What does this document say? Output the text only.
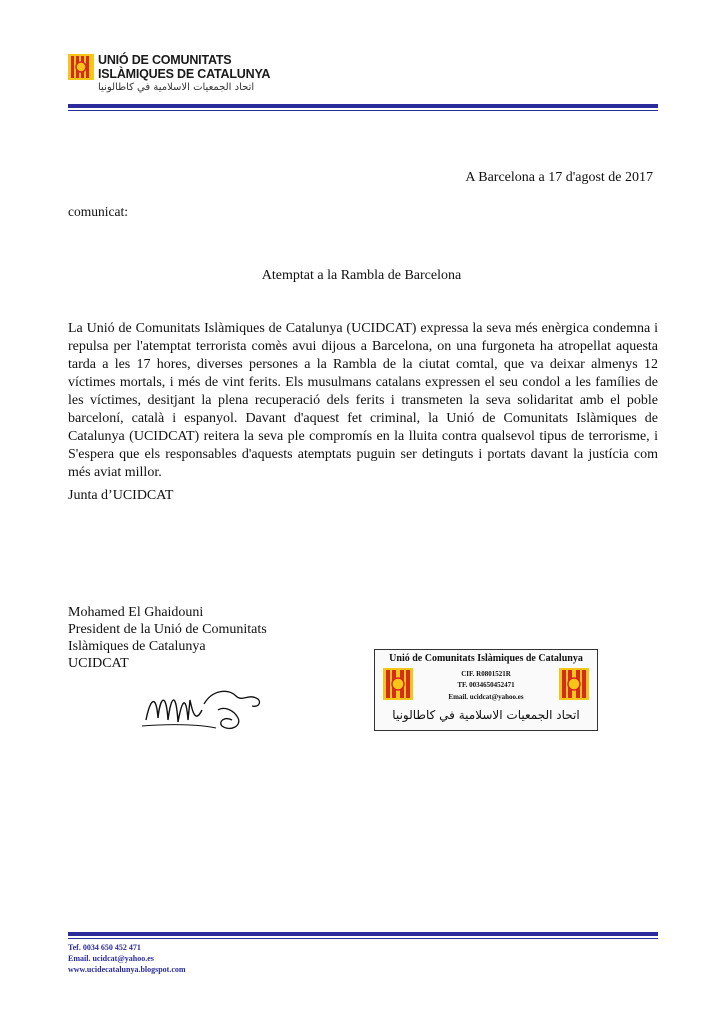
UNIÓ DE COMUNITATS
ISLÀMIQUES DE CATALUNYA
اتحاد الجمعيات الاسلامية في كاطالونيا
A Barcelona a 17 d'agost de 2017
comunicat:
Atemptat a la Rambla de Barcelona
La Unió de Comunitats Islàmiques de Catalunya (UCIDCAT) expressa la seva més enèrgica condemna i repulsa per l'atemptat terrorista comès avui dijous a Barcelona, on una furgoneta ha atropellat aquesta tarda a les 17 hores, diverses persones a la Rambla de la ciutat comtal, que va deixar almenys 12 víctimes mortals, i més de vint ferits. Els musulmans catalans expressen el seu condol a les famílies de les víctimes, desitjant la plena recuperació dels ferits i transmeten la seva solidaritat amb el poble barceloní, català i espanyol. Davant d'aquest fet criminal, la Unió de Comunitats Islàmiques de Catalunya (UCIDCAT) reitera la seva ple compromís en la lluita contra qualsevol tipus de terrorisme, i S'espera que els responsables d'aquests atemptats puguin ser detinguts i portats davant la justícia com més aviat millor.
Junta d’UCIDCAT
Mohamed El Ghaidouni
President de la Unió de Comunitats
Islàmiques de Catalunya
UCIDCAT	Unió de Comunitats Islàmiques de Catalunya
CIF. R0801521R
TF. 0034650452471
Email. ucidcat@yahoo.es
اتحاد الجمعيات الاسلامية في كاطالونيا
Tef. 0034 650 452 471
Email. ucidcat@yahoo.es
www.ucidecatalunya.blogspot.com
